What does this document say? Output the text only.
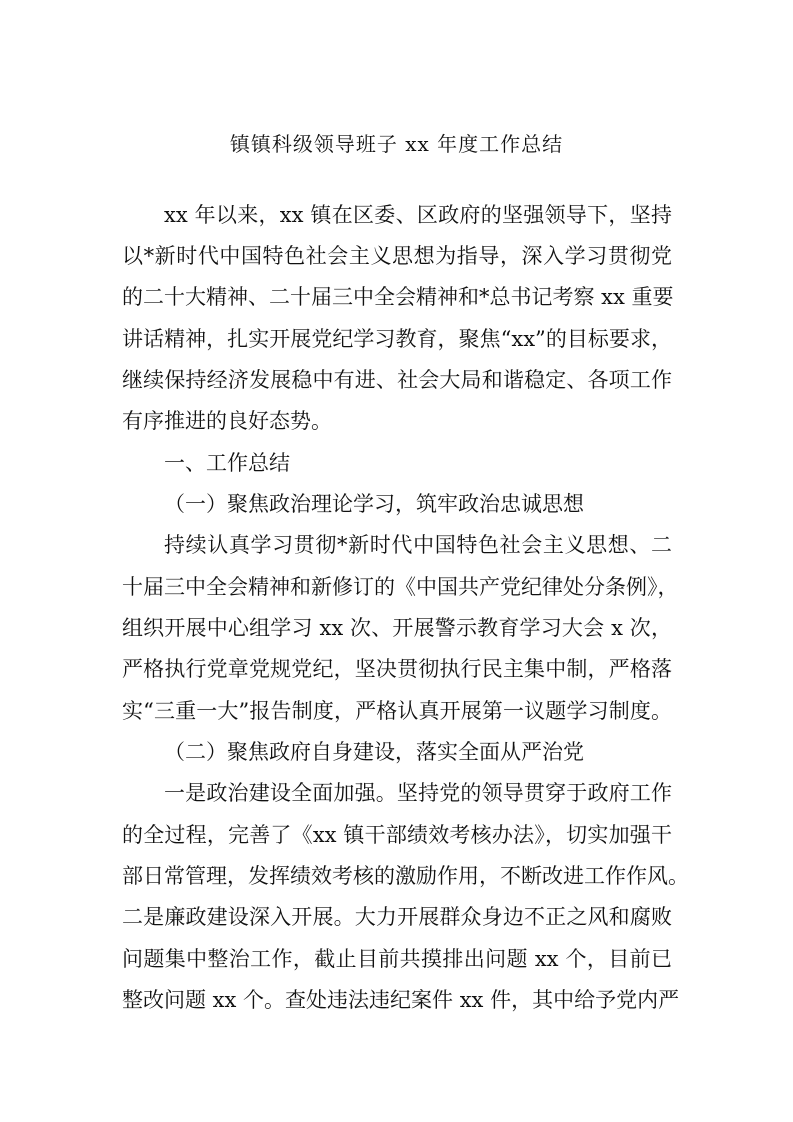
镇镇科级领导班子 xx 年度工作总结
xx 年以来，xx 镇在区委、区政府的坚强领导下，坚持
以*新时代中国特色社会主义思想为指导，深入学习贯彻党
的二十大精神、二十届三中全会精神和*总书记考察 xx 重要
讲话精神，扎实开展党纪学习教育，聚焦“xx”的目标要求，
继续保持经济发展稳中有进、社会大局和谐稳定、各项工作
有序推进的良好态势。
一、工作总结
（一）聚焦政治理论学习，筑牢政治忠诚思想
持续认真学习贯彻*新时代中国特色社会主义思想、二
十届三中全会精神和新修订的《中国共产党纪律处分条例》，
组织开展中心组学习 xx 次、开展警示教育学习大会 x 次，
严格执行党章党规党纪，坚决贯彻执行民主集中制，严格落
实“三重一大”报告制度，严格认真开展第一议题学习制度。
（二）聚焦政府自身建设，落实全面从严治党
一是政治建设全面加强。坚持党的领导贯穿于政府工作
的全过程，完善了《xx 镇干部绩效考核办法》，切实加强干
部日常管理，发挥绩效考核的激励作用，不断改进工作作风。
二是廉政建设深入开展。大力开展群众身边不正之风和腐败
问题集中整治工作，截止目前共摸排出问题 xx 个，目前已
整改问题 xx 个。查处违法违纪案件 xx 件，其中给予党内严
